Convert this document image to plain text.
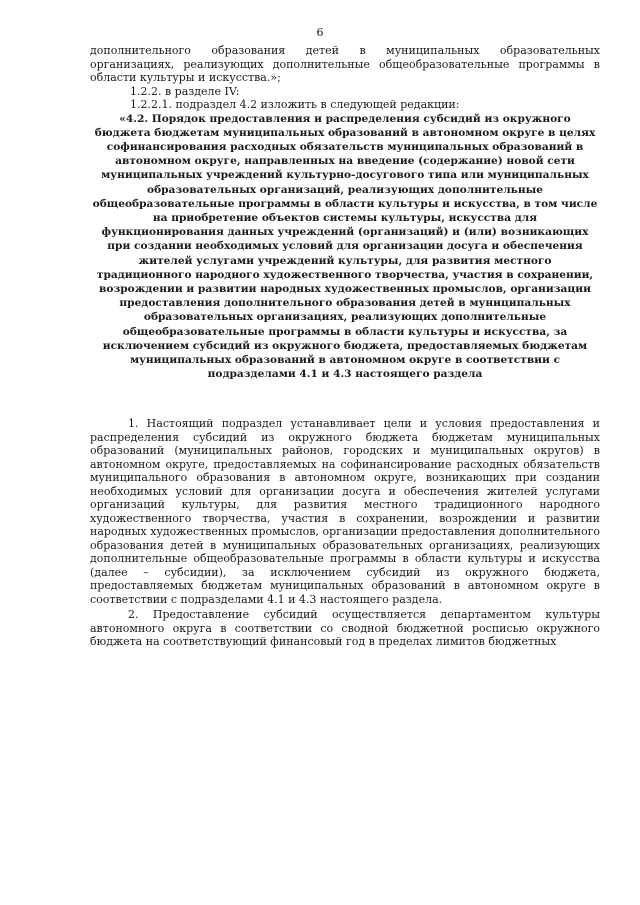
6

дополнительного образования детей в муниципальных образовательных организациях, реализующих дополнительные общеобразовательные программы в области культуры и искусства.»;

1.2.2. в разделе IV:

1.2.2.1. подраздел 4.2 изложить в следующей редакции:

«4.2. Порядок предоставления и распределения субсидий из окружного бюджета бюджетам муниципальных образований в автономном округе в целях софинансирования расходных обязательств муниципальных образований в автономном округе, направленных на введение (содержание) новой сети муниципальных учреждений культурно-досугового типа или муниципальных образовательных организаций, реализующих дополнительные общеобразовательные программы в области культуры и искусства, в том числе на приобретение объектов системы культуры, искусства для функционирования данных учреждений (организаций) и (или) возникающих при создании необходимых условий для организации досуга и обеспечения жителей услугами учреждений культуры, для развития местного традиционного народного художественного творчества, участия в сохранении, возрождении и развитии народных художественных промыслов, организации предоставления дополнительного образования детей в муниципальных образовательных организациях, реализующих дополнительные общеобразовательные программы в области культуры и искусства, за исключением субсидий из окружного бюджета, предоставляемых бюджетам муниципальных образований в автономном округе в соответствии с подразделами 4.1 и 4.3 настоящего раздела

1. Настоящий подраздел устанавливает цели и условия предоставления и распределения субсидий из окружного бюджета бюджетам муниципальных образований (муниципальных районов, городских и муниципальных округов) в автономном округе, предоставляемых на софинансирование расходных обязательств муниципального образования в автономном округе, возникающих при создании необходимых условий для организации досуга и обеспечения жителей услугами организаций культуры, для развития местного традиционного народного художественного творчества, участия в сохранении, возрождении и развитии народных художественных промыслов, организации предоставления дополнительного образования детей в муниципальных образовательных организациях, реализующих дополнительные общеобразовательные программы в области культуры и искусства (далее – субсидии), за исключением субсидий из окружного бюджета, предоставляемых бюджетам муниципальных образований в автономном округе в соответствии с подразделами 4.1 и 4.3 настоящего раздела.

2. Предоставление субсидий осуществляется департаментом культуры автономного округа в соответствии со сводной бюджетной росписью окружного бюджета на соответствующий финансовый год в пределах лимитов бюджетных
